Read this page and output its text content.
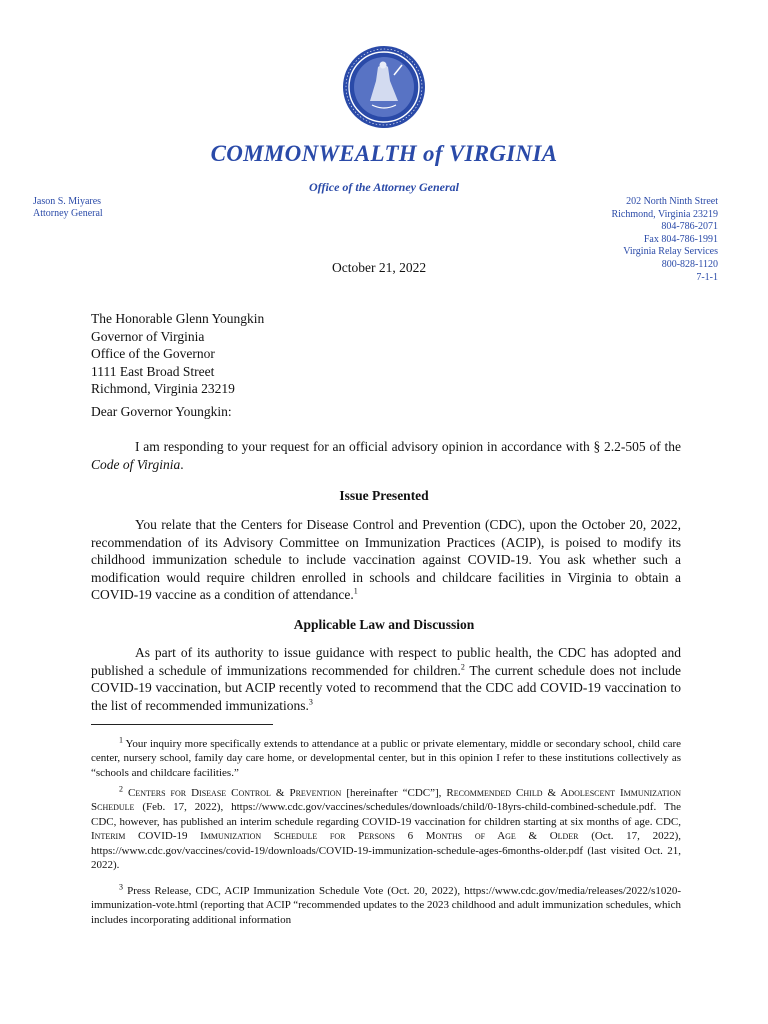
COMMONWEALTH of VIRGINIA
Office of the Attorney General
Jason S. Miyares
Attorney General
202 North Ninth Street
Richmond, Virginia 23219
804-786-2071
Fax 804-786-1991
Virginia Relay Services
800-828-1120
7-1-1
October 21, 2022
The Honorable Glenn Youngkin
Governor of Virginia
Office of the Governor
1111 East Broad Street
Richmond, Virginia 23219
Dear Governor Youngkin:
I am responding to your request for an official advisory opinion in accordance with § 2.2-505 of the Code of Virginia.
Issue Presented
You relate that the Centers for Disease Control and Prevention (CDC), upon the October 20, 2022, recommendation of its Advisory Committee on Immunization Practices (ACIP), is poised to modify its childhood immunization schedule to include vaccination against COVID-19. You ask whether such a modification would require children enrolled in schools and childcare facilities in Virginia to obtain a COVID-19 vaccine as a condition of attendance.$^1$
Applicable Law and Discussion
As part of its authority to issue guidance with respect to public health, the CDC has adopted and published a schedule of immunizations recommended for children.$^2$ The current schedule does not include COVID-19 vaccination, but ACIP recently voted to recommend that the CDC add COVID-19 vaccination to the list of recommended immunizations.$^3$
$^1$ Your inquiry more specifically extends to attendance at a public or private elementary, middle or secondary school, child care center, nursery school, family day care home, or developmental center, but in this opinion I refer to these institutions collectively as “schools and childcare facilities.”
$^2$ Centers for Disease Control & Prevention [hereinafter “CDC”], Recommended Child & Adolescent Immunization Schedule (Feb. 17, 2022), https://www.cdc.gov/vaccines/schedules/downloads/child/0-18yrs-child-combined-schedule.pdf. The CDC, however, has published an interim schedule regarding COVID-19 vaccination for children starting at six months of age. CDC, Interim COVID-19 Immunization Schedule for Persons 6 Months of Age & Older (Oct. 17, 2022), https://www.cdc.gov/vaccines/covid-19/downloads/COVID-19-immunization-schedule-ages-6months-older.pdf (last visited Oct. 21, 2022).
$^3$ Press Release, CDC, ACIP Immunization Schedule Vote (Oct. 20, 2022), https://www.cdc.gov/media/releases/2022/s1020-immunization-vote.html (reporting that ACIP “recommended updates to the 2023 childhood and adult immunization schedules, which includes incorporating additional information
